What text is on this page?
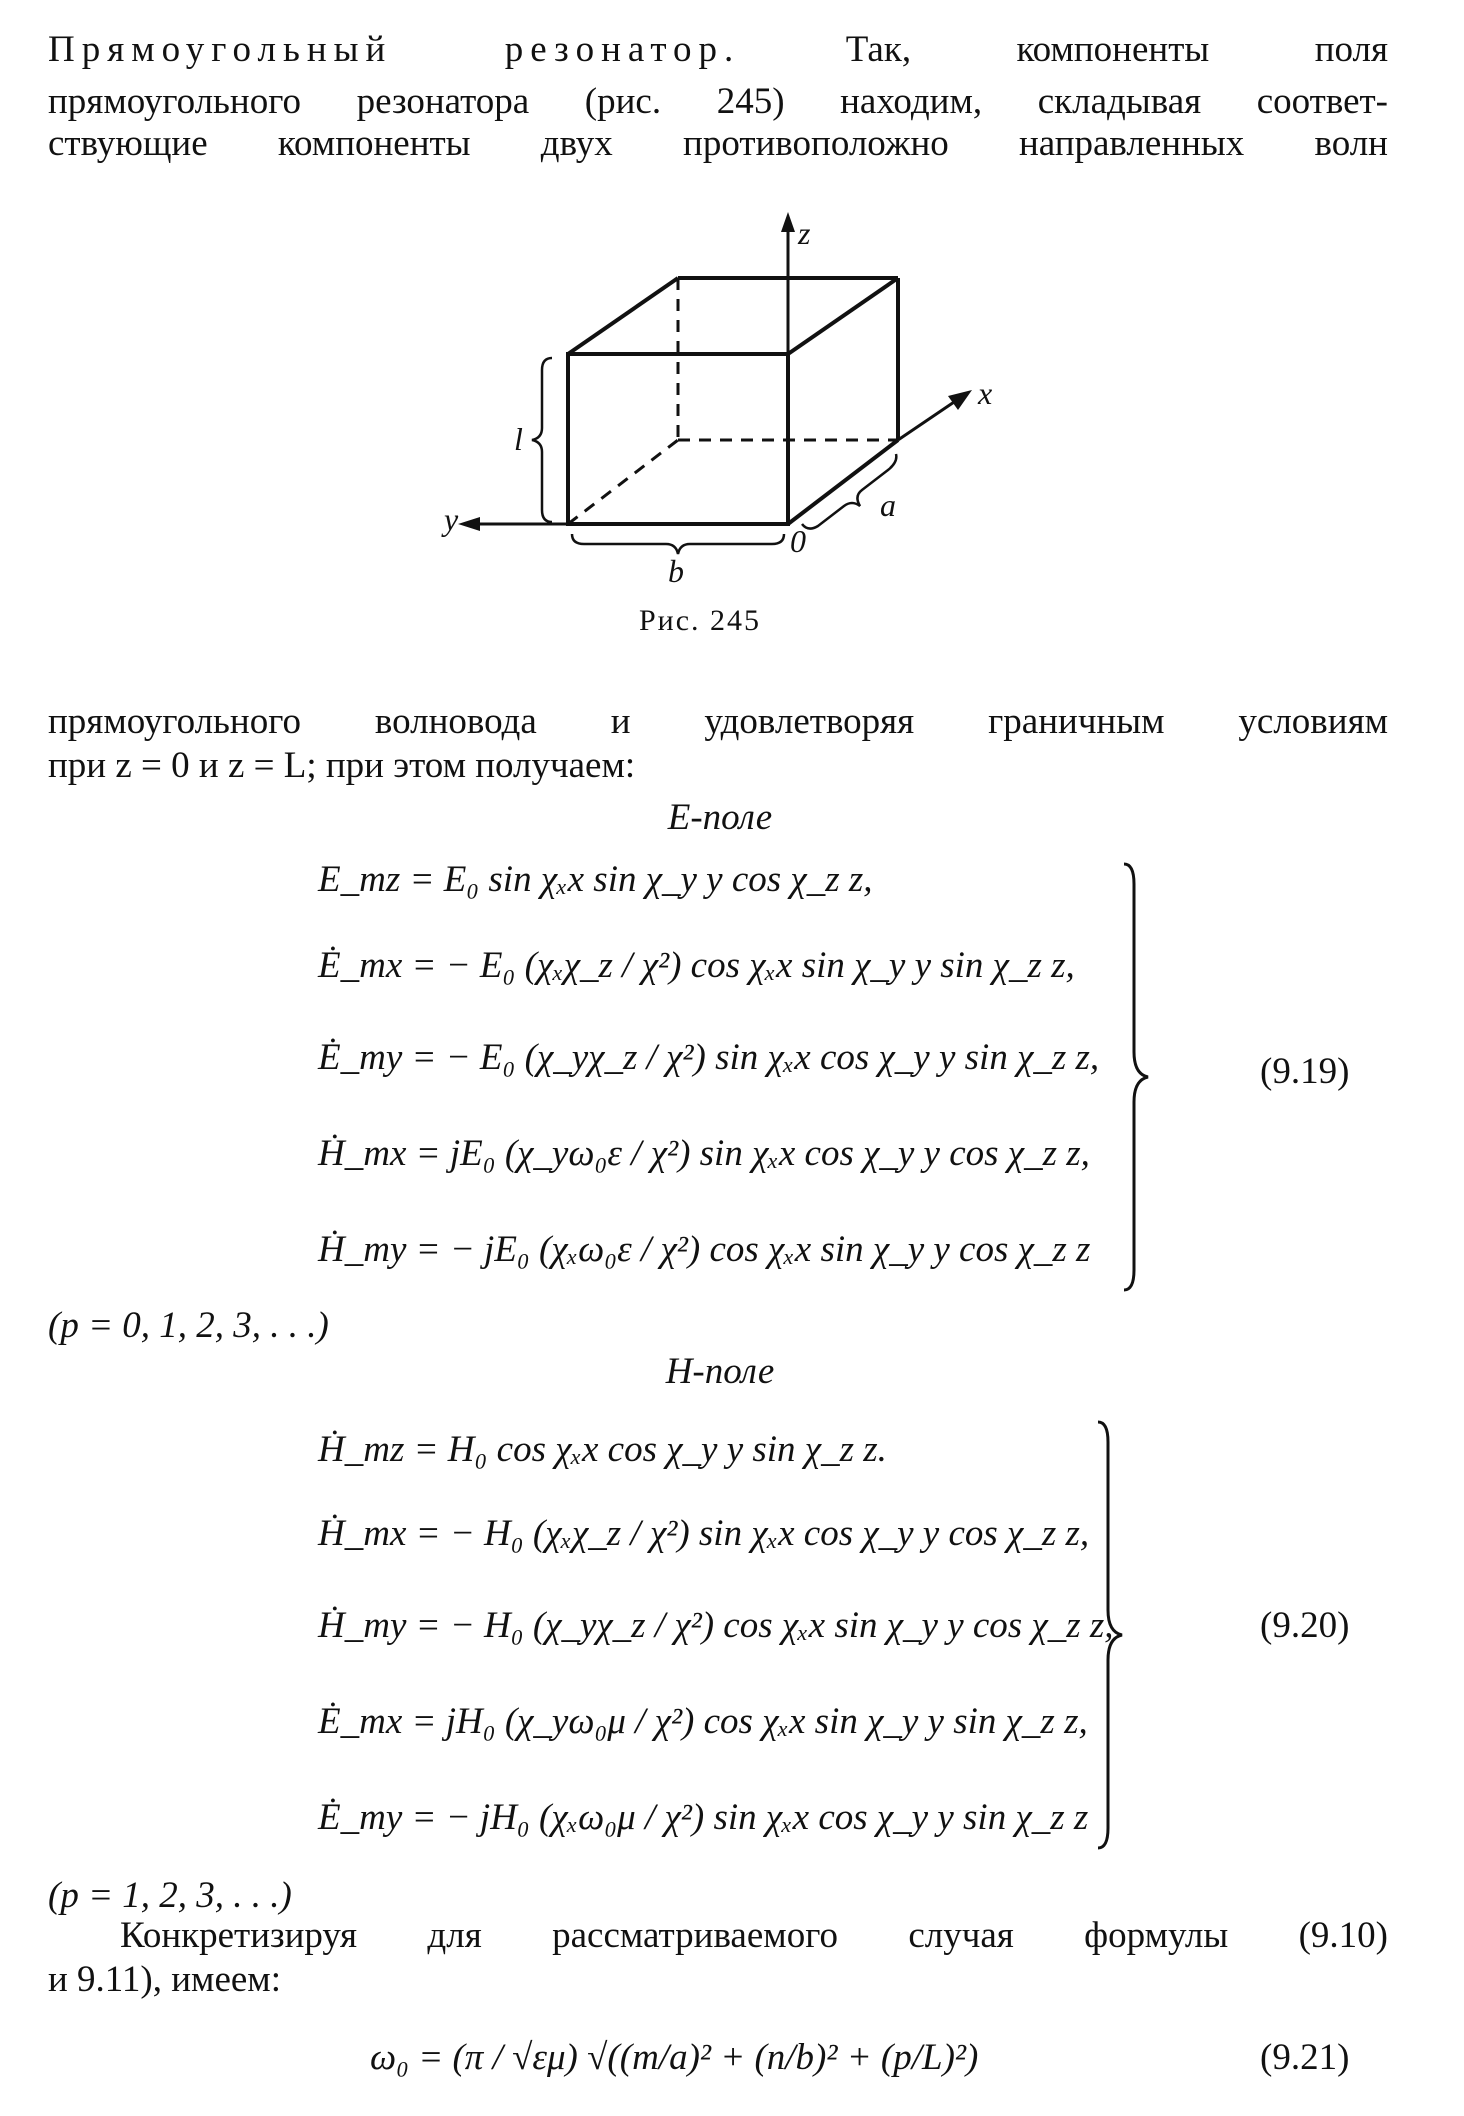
Прямоугольный резонатор.	Так, компоненты поля
прямоугольного резонатора (рис. 245) находим, складывая соответ-
ствующие компоненты двух противоположно направленных волн
z
x
y
l
a
b
0
Рис. 245
прямоугольного волновода и удовлетворяя граничным условиям
при z = 0 и z = L; при этом получаем:
E-поле
E_mz = E₀ sin χₓx sin χ_y y cos χ_z z,
Ė_mx = − E₀ (χₓχ_z / χ²) cos χₓx sin χ_y y sin χ_z z,
Ė_my = − E₀ (χ_yχ_z / χ²) sin χₓx cos χ_y y sin χ_z z,
Ḣ_mx = jE₀ (χ_yω₀ε / χ²) sin χₓx cos χ_y y cos χ_z z,
Ḣ_my = − jE₀ (χₓω₀ε / χ²) cos χₓx sin χ_y y cos χ_z z
(9.19)
(p = 0, 1, 2, 3, . . .)
H-поле
Ḣ_mz = H₀ cos χₓx cos χ_y y sin χ_z z.
Ḣ_mx = − H₀ (χₓχ_z / χ²) sin χₓx cos χ_y y cos χ_z z,
Ḣ_my = − H₀ (χ_yχ_z / χ²) cos χₓx sin χ_y y cos χ_z z,
Ė_mx = jH₀ (χ_yω₀μ / χ²) cos χₓx sin χ_y y sin χ_z z,
Ė_my = − jH₀ (χₓω₀μ / χ²) sin χₓx cos χ_y y sin χ_z z
(9.20)
(p = 1, 2, 3, . . .)
Конкретизируя для рассматриваемого случая формулы (9.10)
и 9.11), имеем:
ω₀ = (π / √εμ) √((m/a)² + (n/b)² + (p/L)²)	(9.21)
